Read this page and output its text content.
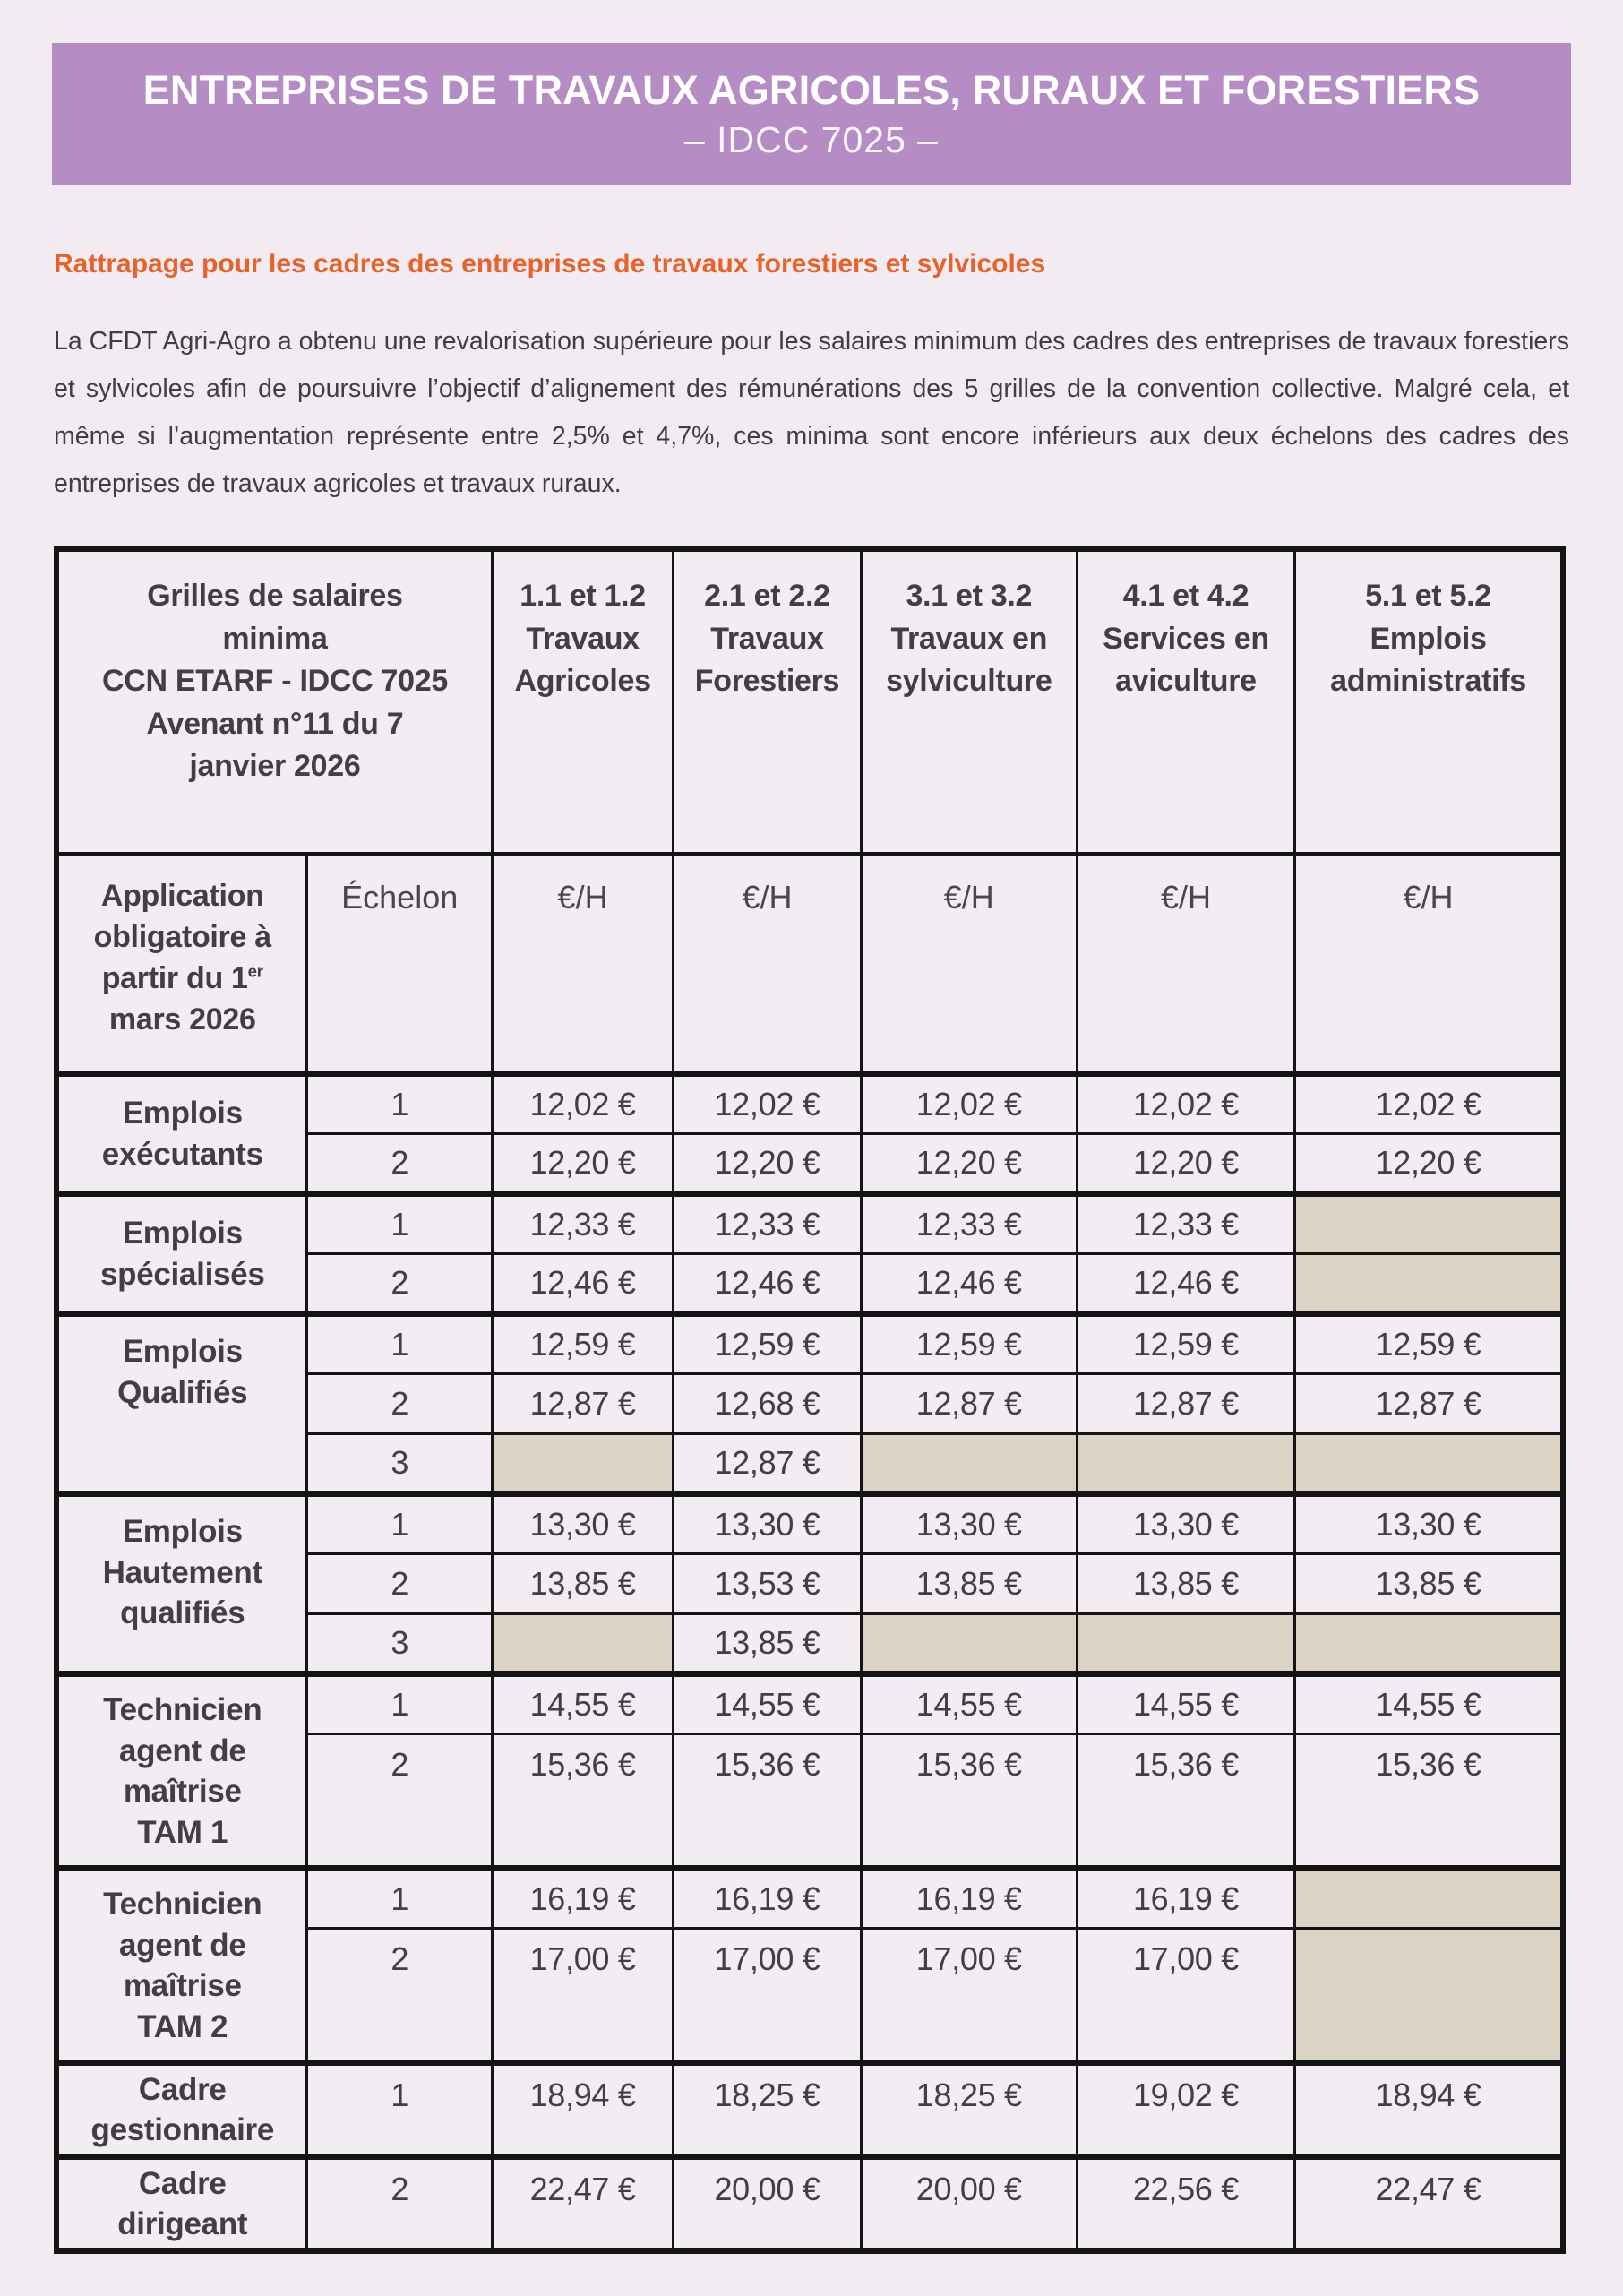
ENTREPRISES DE TRAVAUX AGRICOLES, RURAUX ET FORESTIERS
– IDCC 7025 –
Rattrapage pour les cadres des entreprises de travaux forestiers et sylvicoles

La CFDT Agri-Agro a obtenu une revalorisation supérieure pour les salaires minimum des cadres des entreprises de travaux forestiers et sylvicoles afin de poursuivre l’objectif d’alignement des rémunérations des 5 grilles de la convention collective. Malgré cela, et même si l’augmentation représente entre 2,5% et 4,7%, ces minima sont encore inférieurs aux deux échelons des cadres des entreprises de travaux agricoles et travaux ruraux.

Grilles de salaires
minima
CCN ETARF - IDCC 7025
Avenant n°11 du 7
janvier 2026		1.1 et 1.2
Travaux
Agricoles	2.1 et 2.2
Travaux
Forestiers	3.1 et 3.2
Travaux en
sylviculture	4.1 et 4.2
Services en
aviculture	5.1 et 5.2
Emplois
administratifs
Application obligatoire à partir du 1er mars 2026	Échelon	€/H	€/H	€/H	€/H	€/H
Emplois
exécutants	1	12,02 €	12,02 €	12,02 €	12,02 €	12,02 €
	2	12,20 €	12,20 €	12,20 €	12,20 €	12,20 €
Emplois
spécialisés	1	12,33 €	12,33 €	12,33 €	12,33 €	
	2	12,46 €	12,46 €	12,46 €	12,46 €	
Emplois
Qualifiés	1	12,59 €	12,59 €	12,59 €	12,59 €	12,59 €
	2	12,87 €	12,68 €	12,87 €	12,87 €	12,87 €
	3		12,87 €			
Emplois
Hautement
qualifiés	1	13,30 €	13,30 €	13,30 €	13,30 €	13,30 €
	2	13,85 €	13,53 €	13,85 €	13,85 €	13,85 €
	3		13,85 €			
Technicien
agent de
maîtrise
TAM 1	1	14,55 €	14,55 €	14,55 €	14,55 €	14,55 €
	2	15,36 €	15,36 €	15,36 €	15,36 €	15,36 €
Technicien
agent de
maîtrise
TAM 2	1	16,19 €	16,19 €	16,19 €	16,19 €	
	2	17,00 €	17,00 €	17,00 €	17,00 €	
Cadre
gestionnaire	1	18,94 €	18,25 €	18,25 €	19,02 €	18,94 €
Cadre
dirigeant	2	22,47 €	20,00 €	20,00 €	22,56 €	22,47 €
